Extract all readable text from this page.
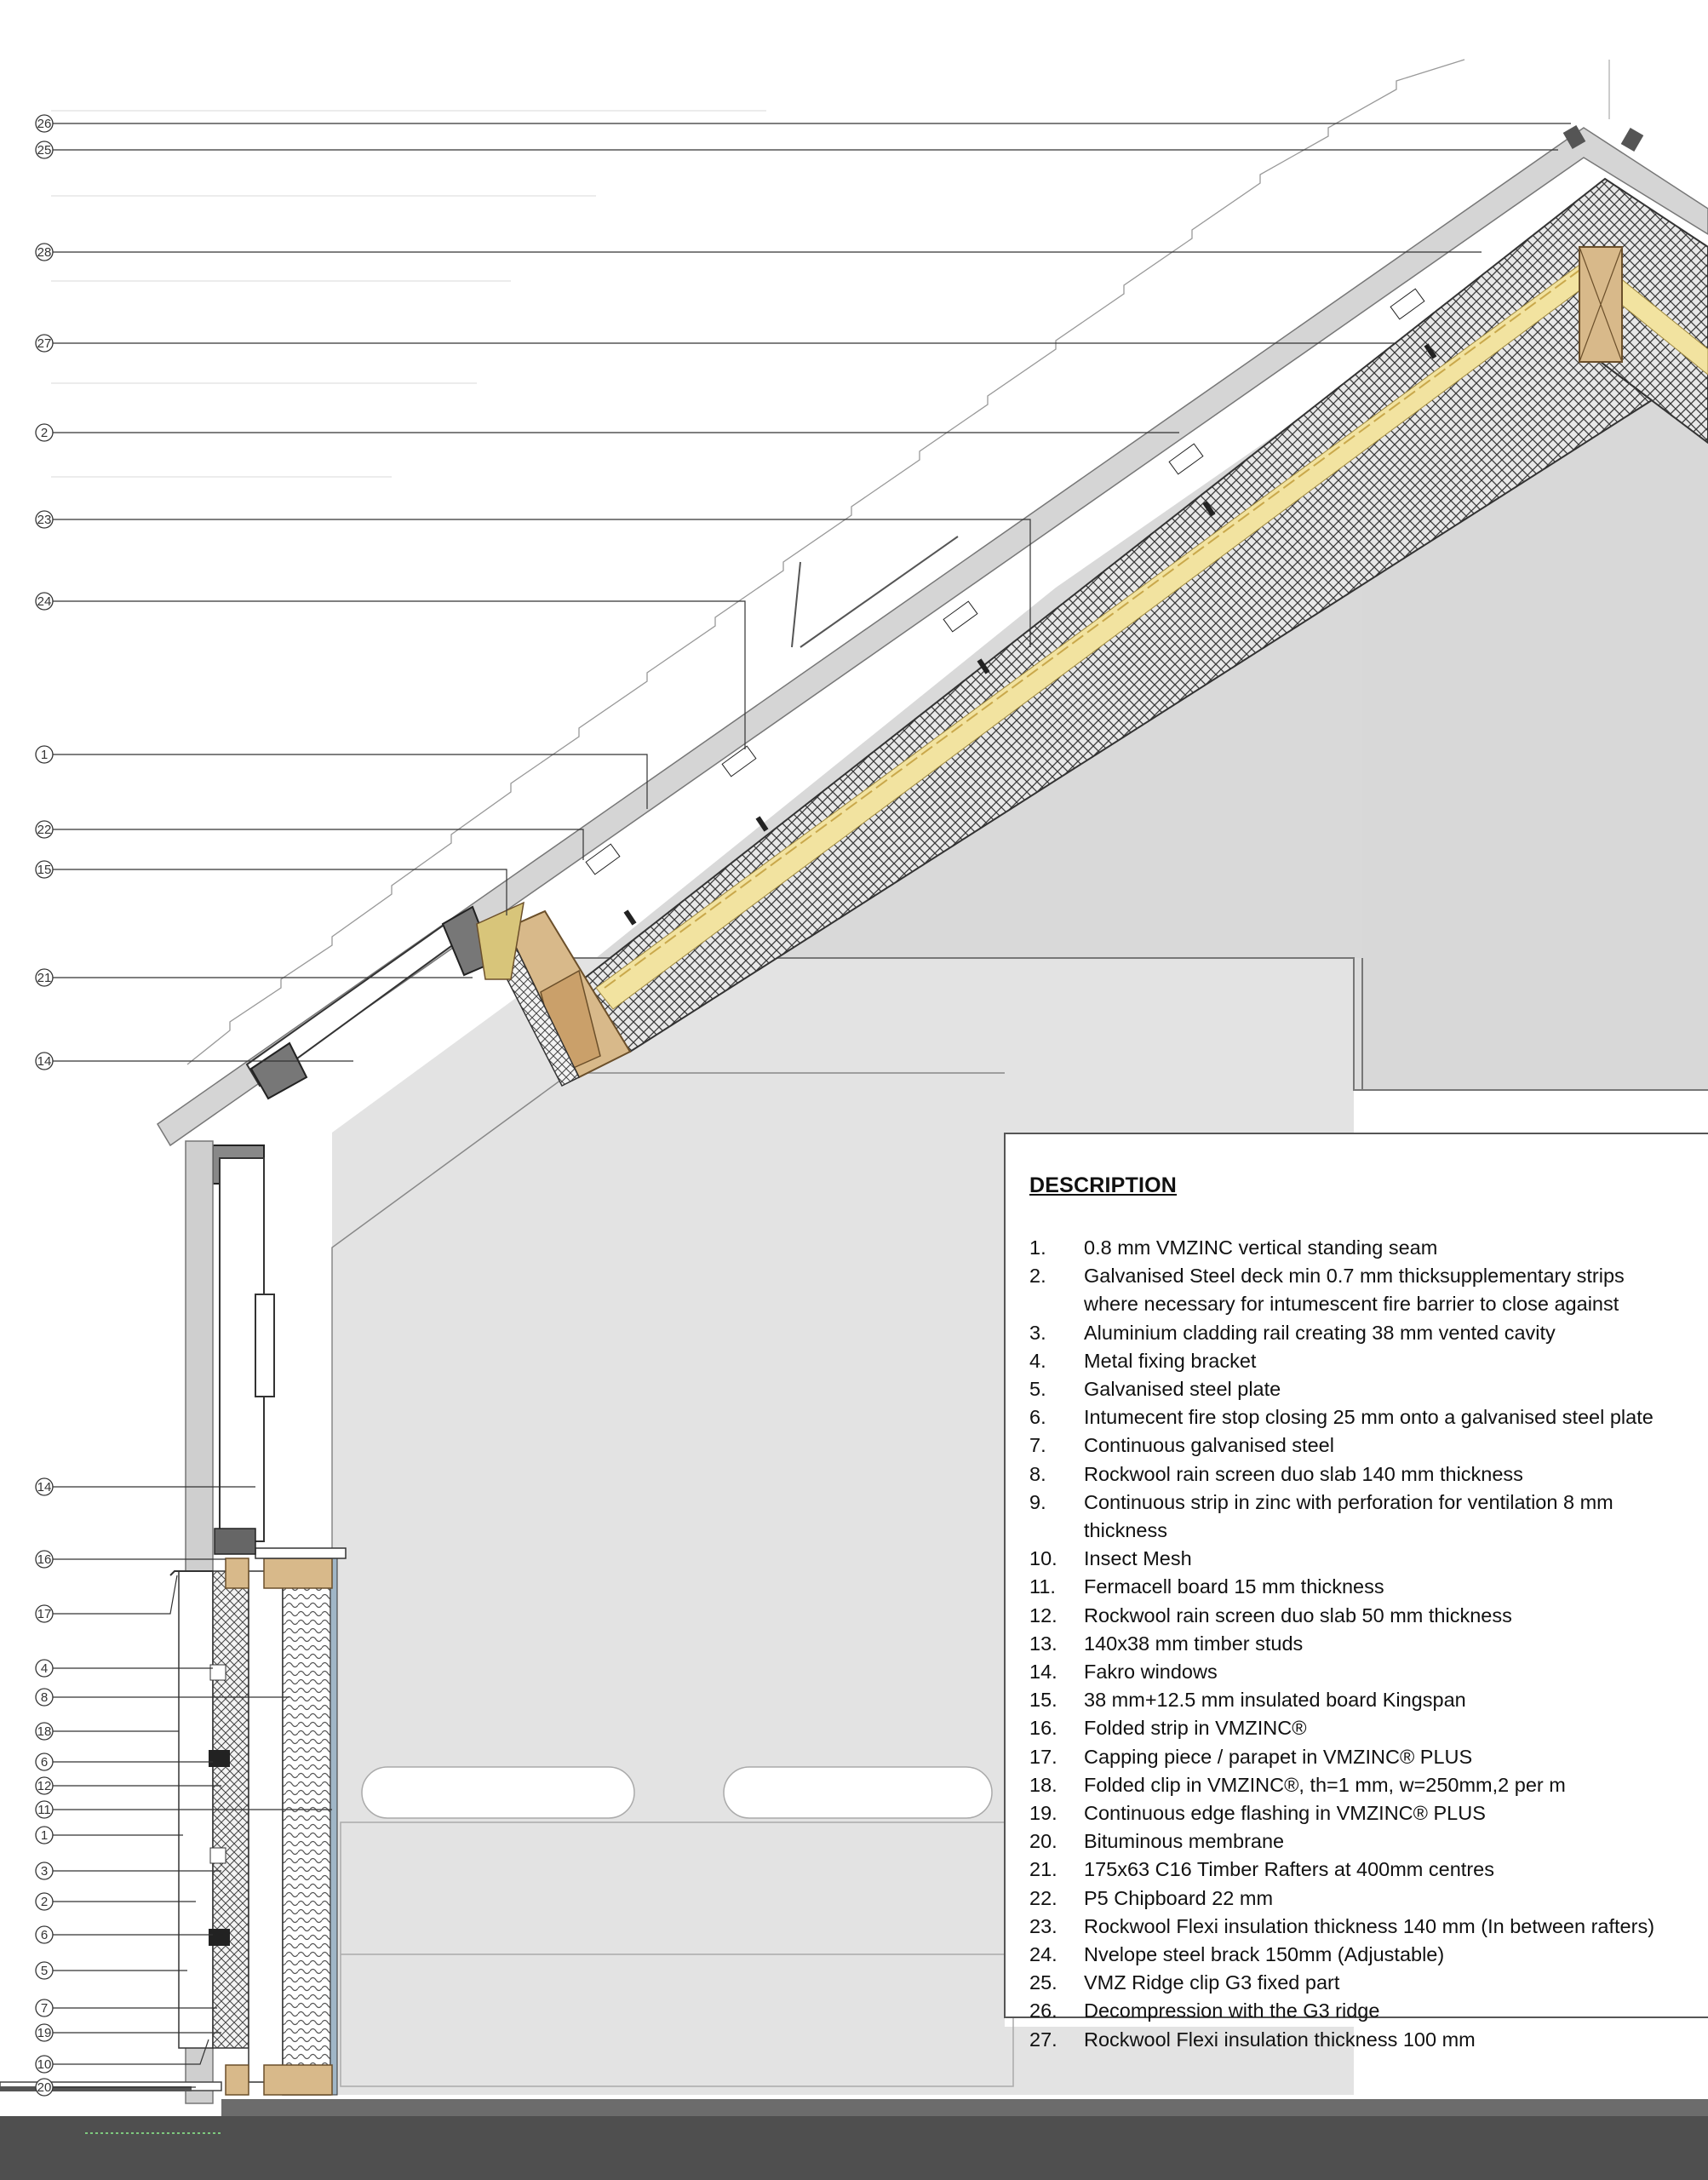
26
25
28
27
2
23
24
1
22
15
21
14
14
16
17
4
8
18
6
12
11
1
3
2
6
5
7
19
10
20
DESCRIPTION
1.	0.8 mm VMZINC vertical standing seam
2.	Galvanised Steel deck min 0.7 mm thicksupplementary strips where necessary for intumescent fire barrier to close against
3.	Aluminium cladding rail creating 38 mm vented cavity
4.	Metal fixing bracket
5.	Galvanised steel plate
6.	Intumecent fire stop closing 25 mm onto a galvanised steel plate
7.	Continuous galvanised steel
8.	Rockwool rain screen duo slab 140 mm thickness
9.	Continuous strip in zinc with perforation for ventilation 8 mm thickness
10.	Insect Mesh
11.	Fermacell board 15 mm thickness
12.	Rockwool rain screen duo slab 50 mm thickness
13.	140x38 mm timber studs
14.	Fakro windows
15.	38 mm+12.5 mm insulated board Kingspan
16.	Folded strip in VMZINC®
17.	Capping piece / parapet in VMZINC® PLUS
18.	Folded clip in VMZINC®, th=1 mm, w=250mm,2 per m
19.	Continuous edge flashing in VMZINC® PLUS
20.	Bituminous membrane
21.	175x63 C16 Timber Rafters at 400mm centres
22.	P5 Chipboard 22 mm
23.	Rockwool Flexi insulation thickness 140 mm (In between rafters)
24.	Nvelope steel brack 150mm (Adjustable)
25.	VMZ Ridge clip G3 fixed part
26.	Decompression with the G3 ridge
27.	Rockwool Flexi insulation thickness 100 mm
